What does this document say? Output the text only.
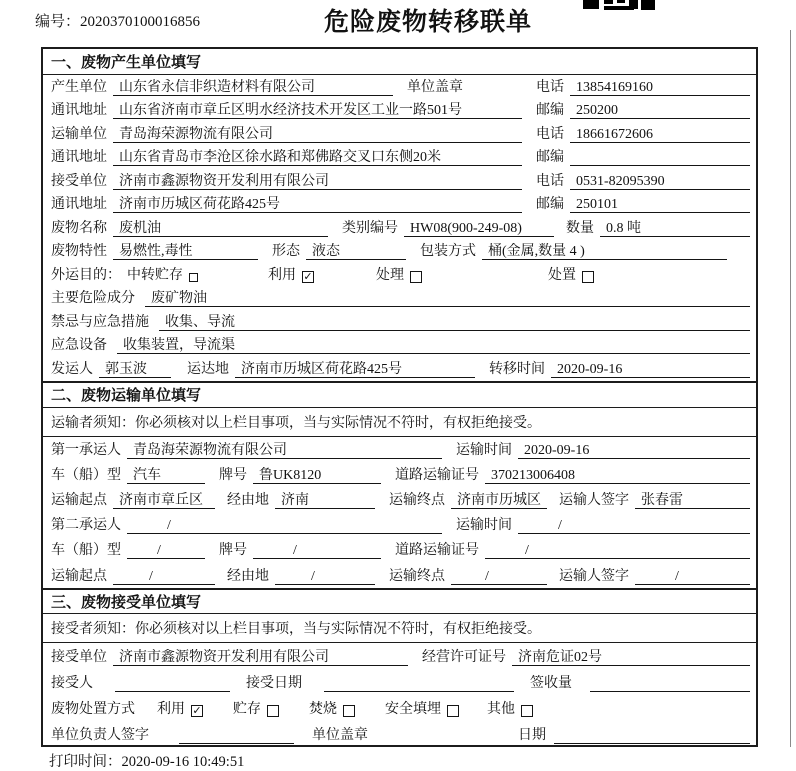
编号：2020370100016856	危险废物转移联单
一、废物产生单位填写
产生单位 山东省永信非织造材料有限公司	单位盖章	电话 13854169160
通讯地址 山东省济南市章丘区明水经济技术开发区工业一路501号	邮编 250200
运输单位 青岛海荣源物流有限公司	电话 18661672606
通讯地址 山东省青岛市李沧区徐水路和郑佛路交叉口东侧20米	邮编
接受单位 济南市鑫源物资开发利用有限公司	电话 0531-82095390
通讯地址 济南市历城区荷花路425号	邮编 250101
废物名称 废机油	类别编号 HW08(900-249-08)	数量 0.8 吨
废物特性 易燃性,毒性	形态 液态	包装方式 桶(金属,数量 4 )
外运目的： 中转贮存	利用 ✓	处理	处置
主要危险成分	废矿物油
禁忌与应急措施	收集、导流
应急设备	收集装置，导流渠
发运人 郭玉波	运达地 济南市历城区荷花路425号	转移时间 2020-09-16
二、废物运输单位填写
运输者须知：你必须核对以上栏目事项，当与实际情况不符时，有权拒绝接受。
第一承运人 青岛海荣源物流有限公司	运输时间 2020-09-16
车（船）型 汽车	牌号 鲁UK8120	道路运输证号 370213006408
运输起点 济南市章丘区	经由地 济南	运输终点 济南市历城区	运输人签字 张春雷
第二承运人	/	运输时间	/
车（船）型	/	牌号	/	道路运输证号	/
运输起点	/	经由地	/	运输终点	/	运输人签字	/
三、废物接受单位填写
接受者须知：你必须核对以上栏目事项，当与实际情况不符时，有权拒绝接受。
接受单位 济南市鑫源物资开发利用有限公司	经营许可证号 济南危证02号
接受人	接受日期	签收量
废物处置方式 利用 ✓ 贮存	焚烧	安全填埋	其他
单位负责人签字	单位盖章	日期
打印时间：2020-09-16 10:49:51
